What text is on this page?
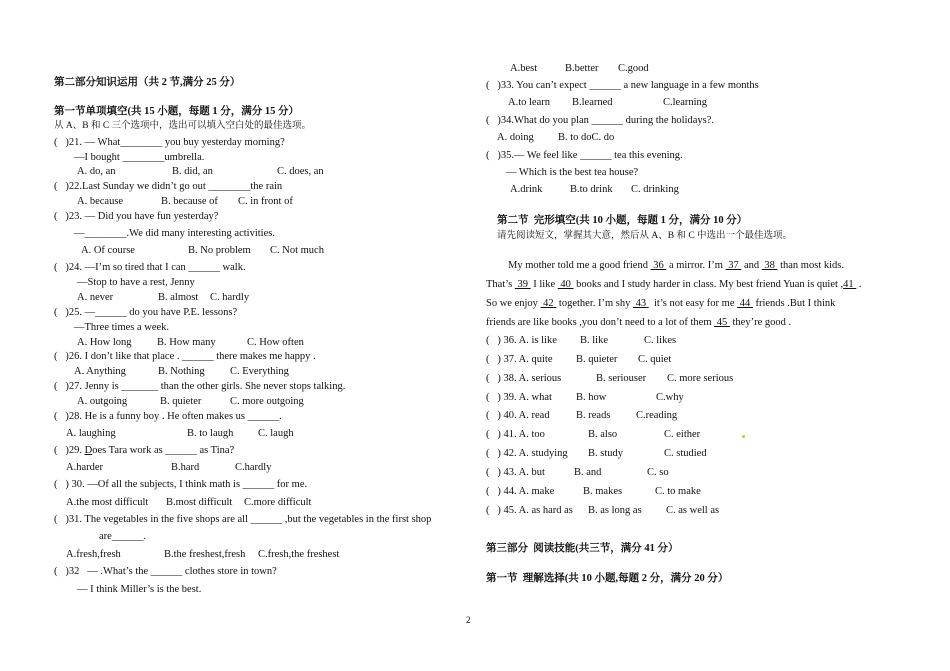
第二部分知识运用（共 2 节,满分 25 分）
第一节单项填空(共 15 小题，每题 1 分，满分 15 分）
从 A、B 和 C 三个选项中，选出可以填入空白处的最佳选项。
(   )21. — What________ you buy yesterday morning?
—I bought ________umbrella.
A. do, an	B. did, an	C. does, an
(   )22.Last Sunday we didn’t go out ________the rain
A. because	B. because of C. in front of
(   )23. — Did you have fun yesterday?
—________.We did many interesting activities.
A. Of course	B. No problem C. Not much
(   )24. —I’m so tired that I can ______ walk.
—Stop to have a rest, Jenny
A. never	B. almost C. hardly
(   )25. —______ do you have P.E. lessons?
—Three times a week.
A. How long B. How many	C. How often
(   )26. I don’t like that place . ______ there makes me happy .
A. Anything	B. Nothing C. Everything
(   )27. Jenny is _______ than the other girls. She never stops talking.
A. outgoing	B. quieter	C. more outgoing
(   )28. He is a funny boy . He often makes us ______.
A. laughing	B. to laugh C. laugh
(   )29. Does Tara work as ______ as Tina?
A.harder	B.hard	C.hardly
(   ) 30. —Of all the subjects, I think math is ______ for me.
A.the most difficult B.most difficult C.more difficult
(   )31. The vegetables in the five shops are all ______ ,but the vegetables in the first shop
are______.
A.fresh,fresh	B.the freshest,fresh C.fresh,the freshest
(   )32   — .What’s the ______ clothes store in town?
— I think Miller’s is the best.
A.best	B.better C.good
(   )33. You can’t expect ______ a new language in a few months
A.to learn B.learned	C.learning
(   )34.What do you plan ______ during the holidays?.
A. doing B. to doC. do
(   )35.— We feel like ______ tea this evening.
— Which is the best tea house?
A.drink	B.to drink C. drinking
第二节  完形填空(共 10 小题，每题 1 分，满分 10 分）
请先阅读短文，掌握其大意，然后从 A、B 和 C 中选出一个最佳选项。
My mother told me a good friend  36  a mirror. I’m  37  and  38  than most kids.
That’s  39  I like  40  books and I study harder in class. My best friend Yuan is quiet ,41  .
So we enjoy  42  together. I’m shy  43   it’s not easy for me  44  friends .But I think
friends are like books ,you don’t need to a lot of them  45  they’re good .
(   ) 36. A. is like B. like	C. likes
(   ) 37. A. quite B. quieter C. quiet
(   ) 38. A. serious	B. seriouser C. more serious
(   ) 39. A. what B. how	C.why
(   ) 40. A. read	B. reads C.reading
(   ) 41. A. too	B. also	C. either
(   ) 42. A. studying B. study	C. studied
(   ) 43. A. but	B. and	C. so
(   ) 44. A. make	B. makes	C. to make
(   ) 45. A. as hard as B. as long as C. as well as
第三部分  阅读技能(共三节，满分 41 分）
第一节  理解选择(共 10 小题,每题 2 分，满分 20 分）
2
